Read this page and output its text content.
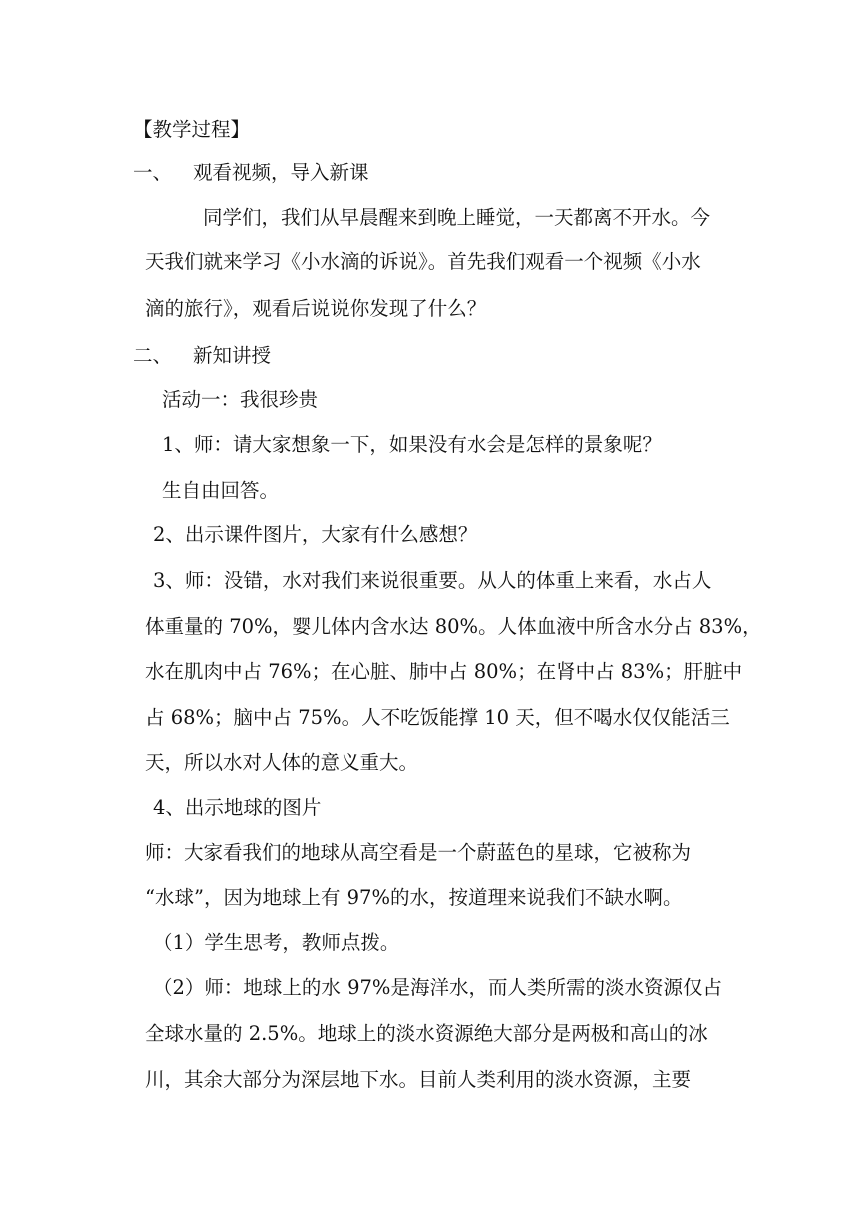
【教学过程】
一、 观看视频，导入新课
同学们，我们从早晨醒来到晚上睡觉，一天都离不开水。今
天我们就来学习《小水滴的诉说》。首先我们观看一个视频《小水
滴的旅行》，观看后说说你发现了什么？
二、 新知讲授
活动一：我很珍贵
1、师：请大家想象一下，如果没有水会是怎样的景象呢？
生自由回答。
2、出示课件图片，大家有什么感想？
3、师：没错，水对我们来说很重要。从人的体重上来看，水占人
体重量的 70%，婴儿体内含水达 80%。人体血液中所含水分占 83%，
水在肌肉中占 76%；在心脏、肺中占 80%；在肾中占 83%；肝脏中
占 68%；脑中占 75%。人不吃饭能撑 10 天，但不喝水仅仅能活三
天，所以水对人体的意义重大。
4、出示地球的图片
师：大家看我们的地球从高空看是一个蔚蓝色的星球，它被称为
“水球”，因为地球上有 97%的水，按道理来说我们不缺水啊。
（1）学生思考，教师点拨。
（2）师：地球上的水 97%是海洋水，而人类所需的淡水资源仅占
全球水量的 2.5%。地球上的淡水资源绝大部分是两极和高山的冰
川，其余大部分为深层地下水。目前人类利用的淡水资源，主要
